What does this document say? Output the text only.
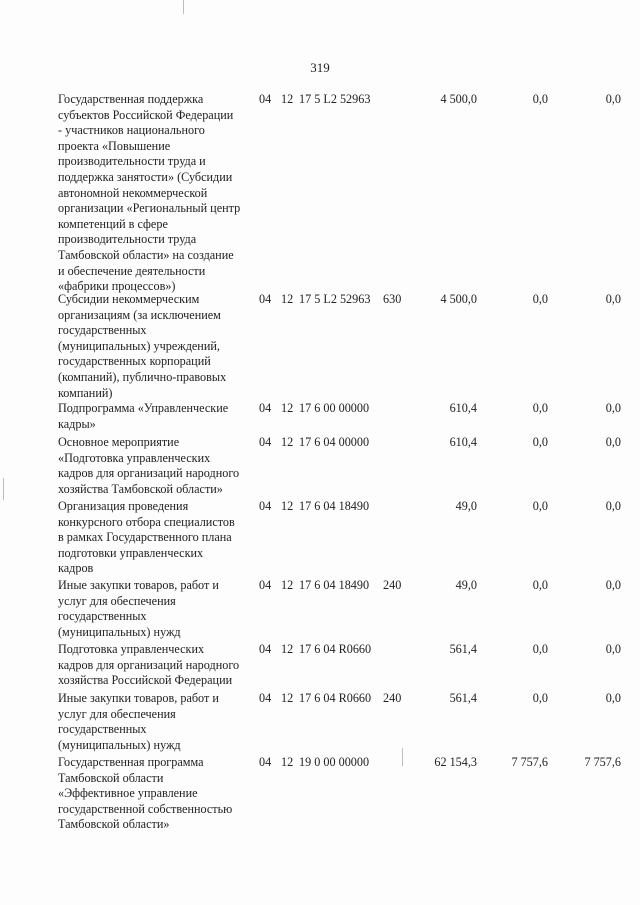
319
Государственная поддержка
субъектов Российской Федерации
- участников национального
проекта «Повышение
производительности труда и
поддержка занятости» (Субсидии
автономной некоммерческой
организации «Региональный центр
компетенций в сфере
производительности труда
Тамбовской области» на создание
и обеспечение деятельности
«фабрики процессов»)
04 12 17 5 L2 52963	4 500,0	0,0	0,0
Субсидии некоммерческим
организациям (за исключением
государственных
(муниципальных) учреждений,
государственных корпораций
(компаний), публично-правовых
компаний)
04 12 17 5 L2 52963 630	4 500,0	0,0	0,0
Подпрограмма «Управленческие
кадры»
04 12 17 6 00 00000	610,4	0,0	0,0
Основное мероприятие
«Подготовка управленческих
кадров для организаций народного
хозяйства Тамбовской области»
04 12 17 6 04 00000	610,4	0,0	0,0
Организация проведения
конкурсного отбора специалистов
в рамках Государственного плана
подготовки управленческих
кадров
04 12 17 6 04 18490	49,0	0,0	0,0
Иные закупки товаров, работ и
услуг для обеспечения
государственных
(муниципальных) нужд
04 12 17 6 04 18490 240	49,0	0,0	0,0
Подготовка управленческих
кадров для организаций народного
хозяйства Российской Федерации
04 12 17 6 04 R0660	561,4	0,0	0,0
Иные закупки товаров, работ и
услуг для обеспечения
государственных
(муниципальных) нужд
04 12 17 6 04 R0660 240	561,4	0,0	0,0
Государственная программа
Тамбовской области
«Эффективное управление
государственной собственностью
Тамбовской области»
04 12 19 0 00 00000	62 154,3	7 757,6	7 757,6
